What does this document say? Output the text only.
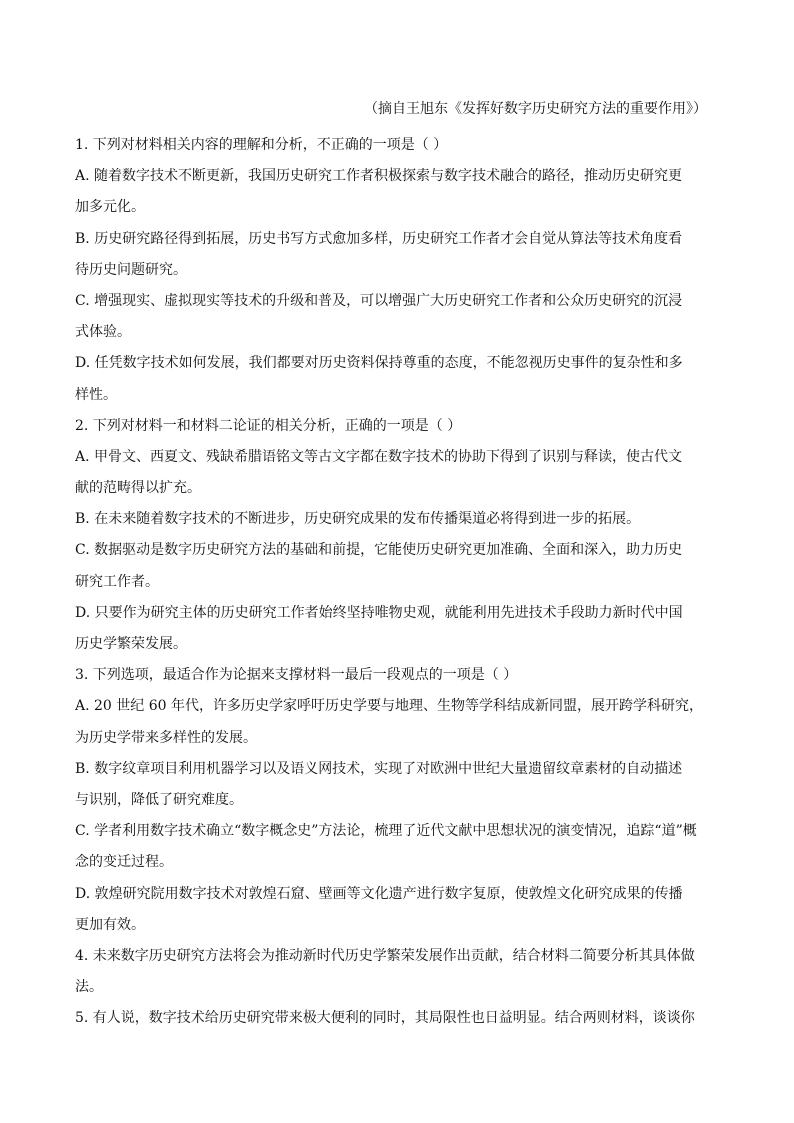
（摘自王旭东《发挥好数字历史研究方法的重要作用》）
1. 下列对材料相关内容的理解和分析，不正确的一项是（ ）
A. 随着数字技术不断更新，我国历史研究工作者积极探索与数字技术融合的路径，推动历史研究更
加多元化。
B. 历史研究路径得到拓展，历史书写方式愈加多样，历史研究工作者才会自觉从算法等技术角度看
待历史问题研究。
C. 增强现实、虚拟现实等技术的升级和普及，可以增强广大历史研究工作者和公众历史研究的沉浸
式体验。
D. 任凭数字技术如何发展，我们都要对历史资料保持尊重的态度，不能忽视历史事件的复杂性和多
样性。
2. 下列对材料一和材料二论证的相关分析，正确的一项是（ ）
A. 甲骨文、西夏文、残缺希腊语铭文等古文字都在数字技术的协助下得到了识别与释读，使古代文
献的范畴得以扩充。
B. 在未来随着数字技术的不断进步，历史研究成果的发布传播渠道必将得到进一步的拓展。
C. 数据驱动是数字历史研究方法的基础和前提，它能使历史研究更加准确、全面和深入，助力历史
研究工作者。
D. 只要作为研究主体的历史研究工作者始终坚持唯物史观，就能利用先进技术手段助力新时代中国
历史学繁荣发展。
3. 下列选项，最适合作为论据来支撑材料一最后一段观点的一项是（ ）
A. 20 世纪 60 年代，许多历史学家呼吁历史学要与地理、生物等学科结成新同盟，展开跨学科研究，
为历史学带来多样性的发展。
B. 数字纹章项目利用机器学习以及语义网技术，实现了对欧洲中世纪大量遗留纹章素材的自动描述
与识别，降低了研究难度。
C. 学者利用数字技术确立“数字概念史”方法论，梳理了近代文献中思想状况的演变情况，追踪“道”概
念的变迁过程。
D. 敦煌研究院用数字技术对敦煌石窟、壁画等文化遗产进行数字复原，使敦煌文化研究成果的传播
更加有效。
4. 未来数字历史研究方法将会为推动新时代历史学繁荣发展作出贡献，结合材料二简要分析其具体做
法。
5. 有人说，数字技术给历史研究带来极大便利的同时，其局限性也日益明显。结合两则材料，谈谈你
